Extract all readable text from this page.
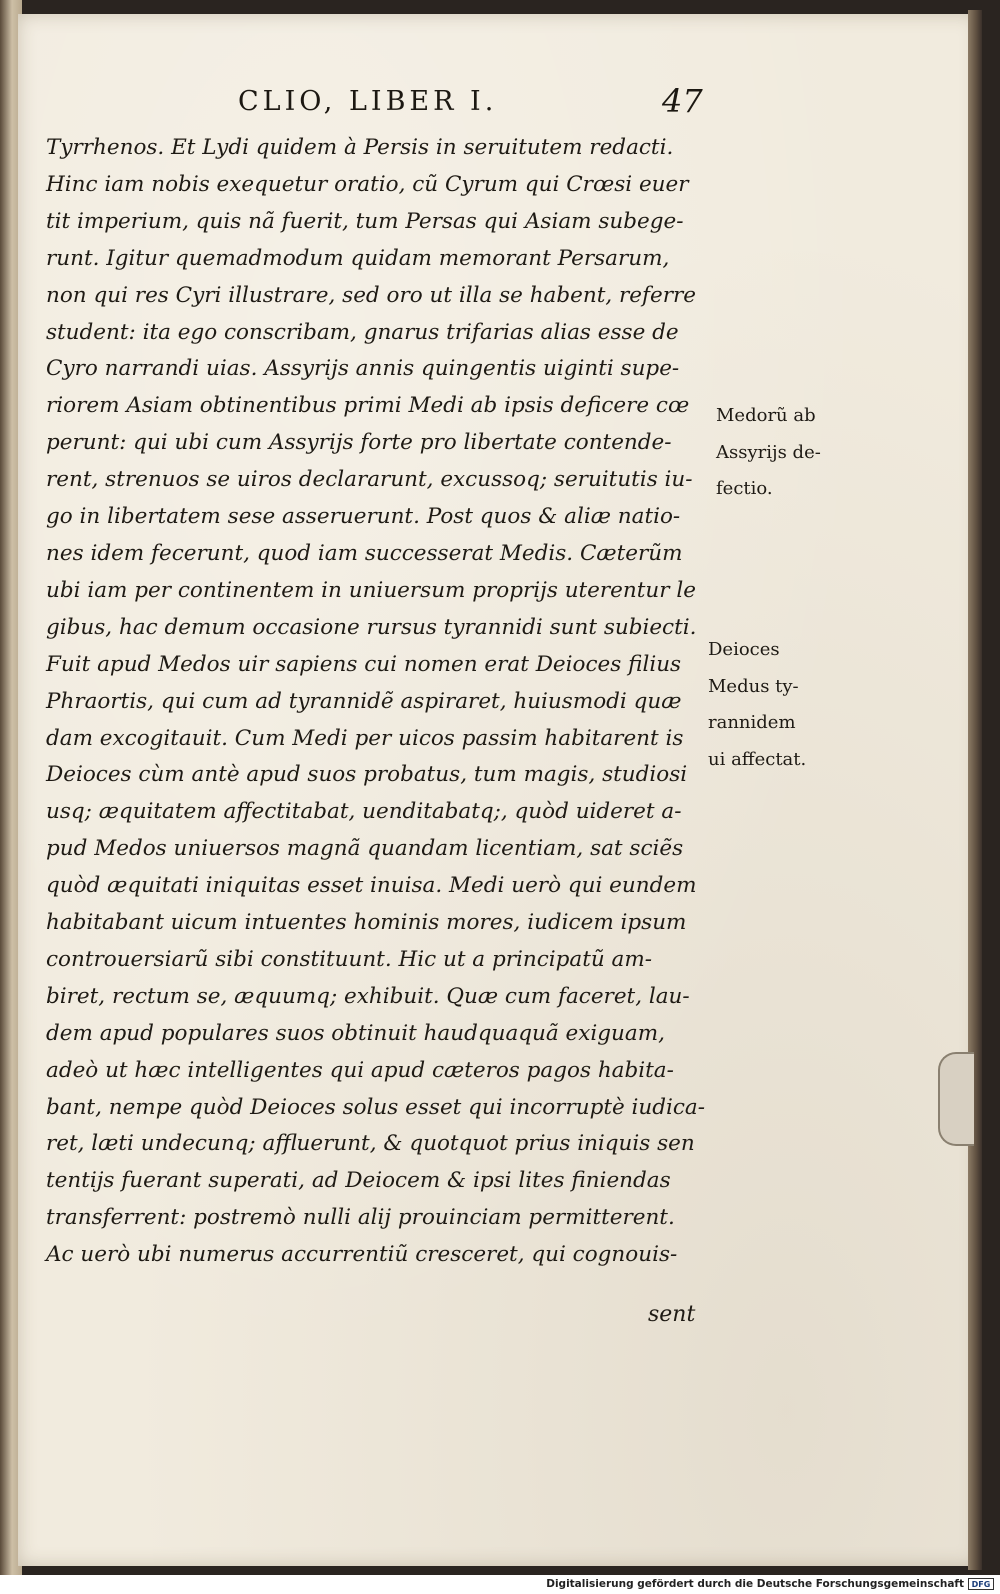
CLIO, LIBER I.	47
Tyrrhenos. Et Lydi quidem à Persis in seruitutem redacti.
Hinc iam nobis exequetur oratio, cũ Cyrum qui Crœsi euer
tit imperium, quis nã fuerit, tum Persas qui Asiam subege-
runt. Igitur quemadmodum quidam memorant Persarum,
non qui res Cyri illustrare, sed oro ut illa se habent, referre
student: ita ego conscribam, gnarus trifarias alias esse de
Cyro narrandi uias. Assyrijs annis quingentis uiginti supe-
riorem Asiam obtinentibus primi Medi ab ipsis deficere cœ
perunt: qui ubi cum Assyrijs forte pro libertate contende-
rent, strenuos se uiros declararunt, excussoq; seruitutis iu-
go in libertatem sese asseruerunt. Post quos & aliæ natio-
nes idem fecerunt, quod iam successerat Medis. Cæterũm
ubi iam per continentem in uniuersum proprijs uterentur le
gibus, hac demum occasione rursus tyrannidi sunt subiecti.
Fuit apud Medos uir sapiens cui nomen erat Deioces filius
Phraortis, qui cum ad tyrannidẽ aspiraret, huiusmodi quæ
dam excogitauit. Cum Medi per uicos passim habitarent is
Deioces cùm antè apud suos probatus, tum magis, studiosi
usq; æquitatem affectitabat, uenditabatq;, quòd uideret a-
pud Medos uniuersos magnã quandam licentiam, sat sciẽs
quòd æquitati iniquitas esset inuisa. Medi uerò qui eundem
habitabant uicum intuentes hominis mores, iudicem ipsum
controuersiarũ sibi constituunt. Hic ut a principatũ am-
biret, rectum se, æquumq; exhibuit. Quæ cum faceret, lau-
dem apud populares suos obtinuit haudquaquã exiguam,
adeò ut hæc intelligentes qui apud cæteros pagos habita-
bant, nempe quòd Deioces solus esset qui incorruptè iudica-
ret, læti undecunq; affluerunt, & quotquot prius iniquis sen
tentijs fuerant superati, ad Deiocem & ipsi lites finiendas
transferrent: postremò nulli alij prouinciam permitterent.
Ac uerò ubi numerus accurrentiũ cresceret, qui cognouis-
sent
Medorũ ab
Assyrijs de-
fectio.
Deioces
Medus ty-
rannidem
ui affectat.
Digitalisierung gefördert durch die Deutsche Forschungsgemeinschaft DFG
